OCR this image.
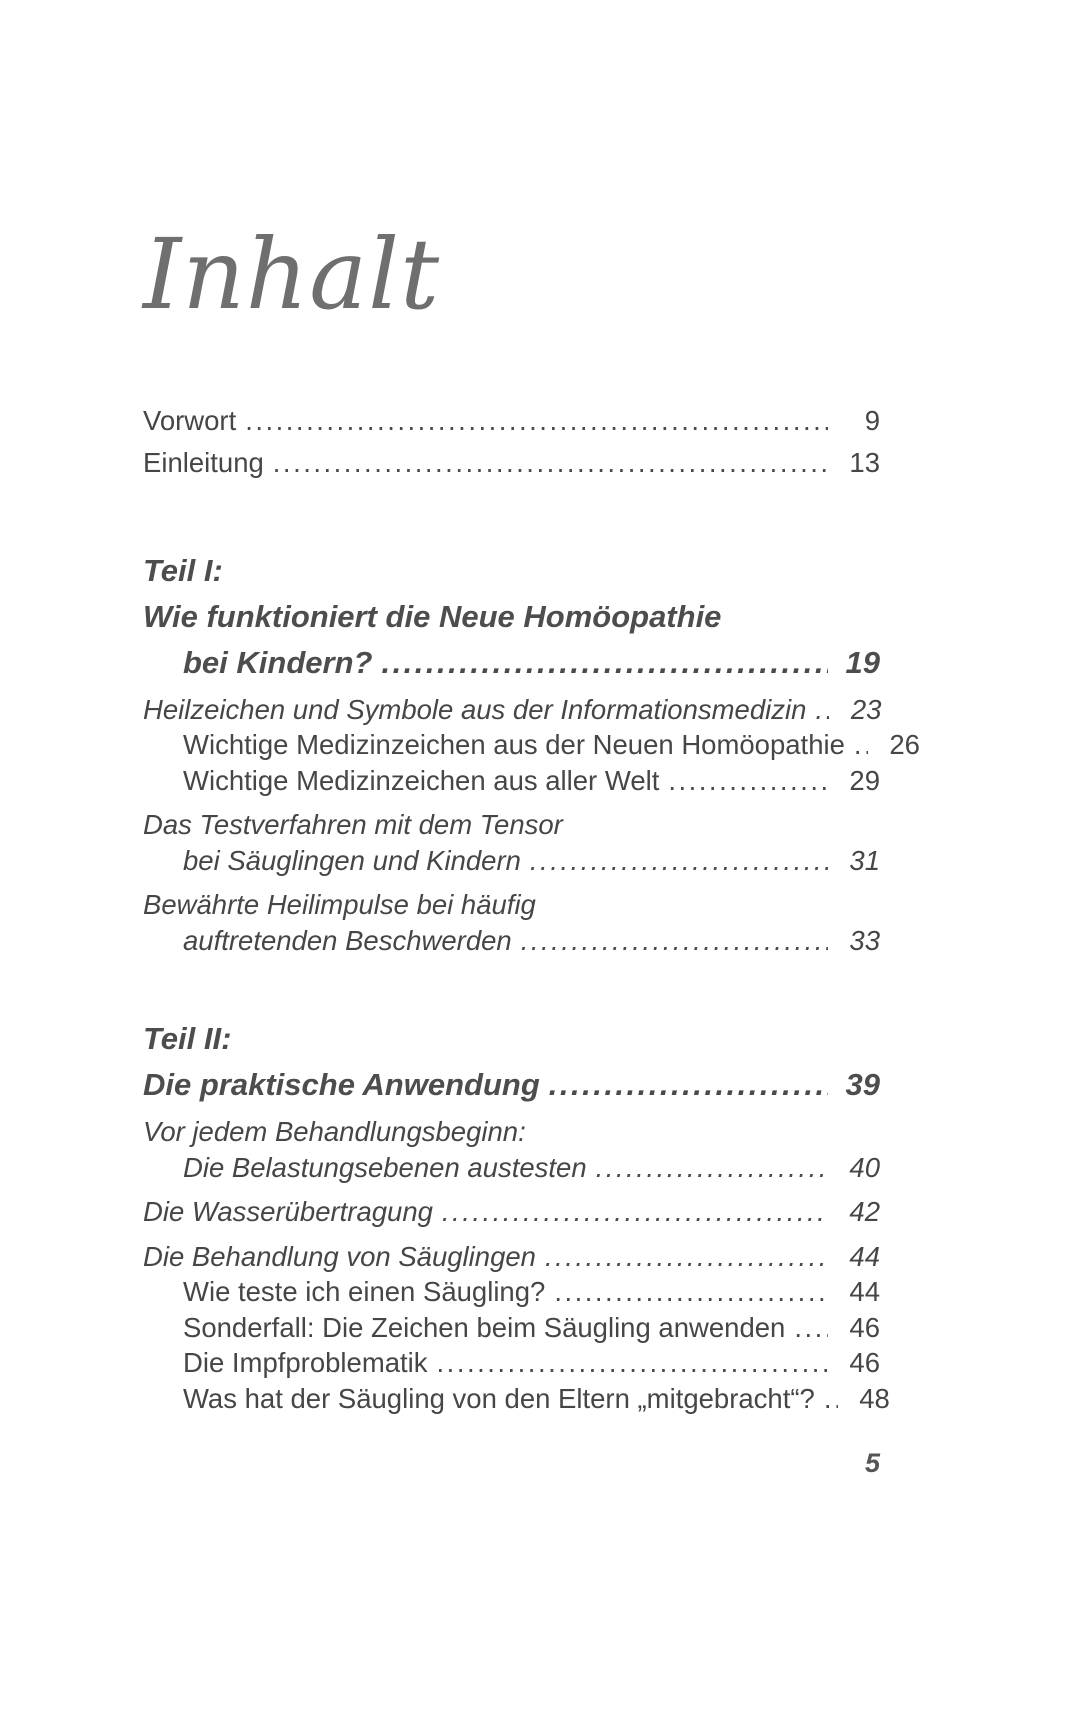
Inhalt
Vorwort .....	9
Einleitung .....	13
Teil I:
Wie funktioniert die Neue Homöopathie
bei Kindern? .....	19
Heilzeichen und Symbole aus der Informationsmedizin .....	23
Wichtige Medizinzeichen aus der Neuen Homöopathie .....	26
Wichtige Medizinzeichen aus aller Welt .....	29
Das Testverfahren mit dem Tensor
bei Säuglingen und Kindern .....	31
Bewährte Heilimpulse bei häufig
auftretenden Beschwerden .....	33
Teil II:
Die praktische Anwendung .....	39
Vor jedem Behandlungsbeginn:
Die Belastungsebenen austesten .....	40
Die Wasserübertragung .....	42
Die Behandlung von Säuglingen .....	44
Wie teste ich einen Säugling? .....	44
Sonderfall: Die Zeichen beim Säugling anwenden .....	46
Die Impfproblematik .....	46
Was hat der Säugling von den Eltern „mitgebracht“? .....	48
5
